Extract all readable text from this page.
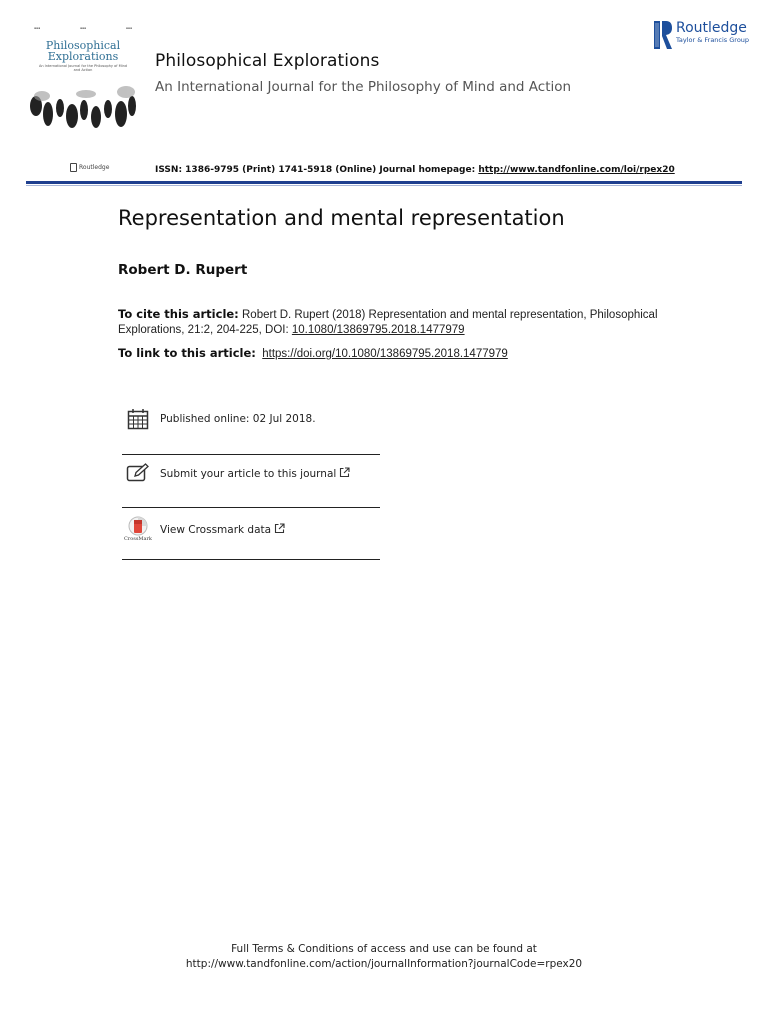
▪▪▪	▪▪▪	▪▪▪
Philosophical Explorations
An International Journal for the Philosophy of Mind and Action
Routledge
Philosophical Explorations
An International Journal for the Philosophy of Mind and Action
Routledge
Taylor & Francis Group
ISSN: 1386-9795 (Print) 1741-5918 (Online) Journal homepage: http://www.tandfonline.com/loi/rpex20
Representation and mental representation
Robert D. Rupert
To cite this article: Robert D. Rupert (2018) Representation and mental representation, Philosophical Explorations, 21:2, 204-225, DOI: 10.1080/13869795.2018.1477979
To link to this article: https://doi.org/10.1080/13869795.2018.1477979
Published online: 02 Jul 2018.
Submit your article to this journal
CrossMark
View Crossmark data
Full Terms & Conditions of access and use can be found at
http://www.tandfonline.com/action/journalInformation?journalCode=rpex20
